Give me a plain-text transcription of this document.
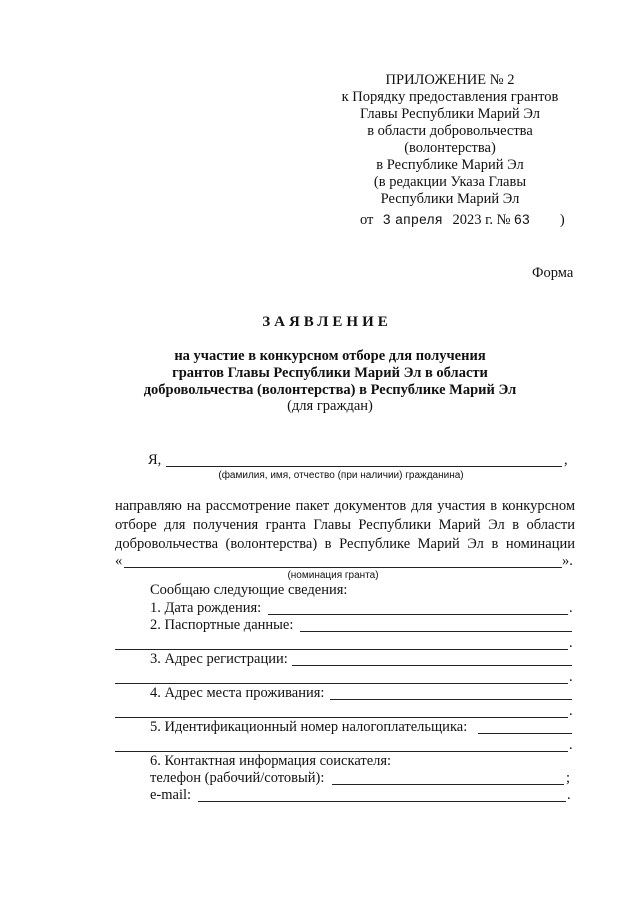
ПРИЛОЖЕНИЕ № 2
к Порядку предоставления грантов
Главы Республики Марий Эл
в области добровольчества
(волонтерства)
в Республике Марий Эл
(в редакции Указа Главы
Республики Марий Эл
от 3 апреля 2023 г. № 63 )
Форма
ЗАЯВЛЕНИЕ
на участие в конкурсном отборе для получения
грантов Главы Республики Марий Эл в области
добровольчества (волонтерства) в Республике Марий Эл
(для граждан)
Я,	,
(фамилия, имя, отчество (при наличии) гражданина)
направляю на рассмотрение пакет документов для участия в конкурсном
отборе для получения гранта Главы Республики Марий Эл в области
добровольчества (волонтерства) в Республике Марий Эл в номинации
«	».
(номинация гранта)
Сообщаю следующие сведения:
1. Дата рождения:	.
2. Паспортные данные:
.
3. Адрес регистрации:
.
4. Адрес места проживания:
.
5. Идентификационный номер налогоплательщика:
.
6. Контактная информация соискателя:
телефон (рабочий/сотовый):	;
e-mail:	.
